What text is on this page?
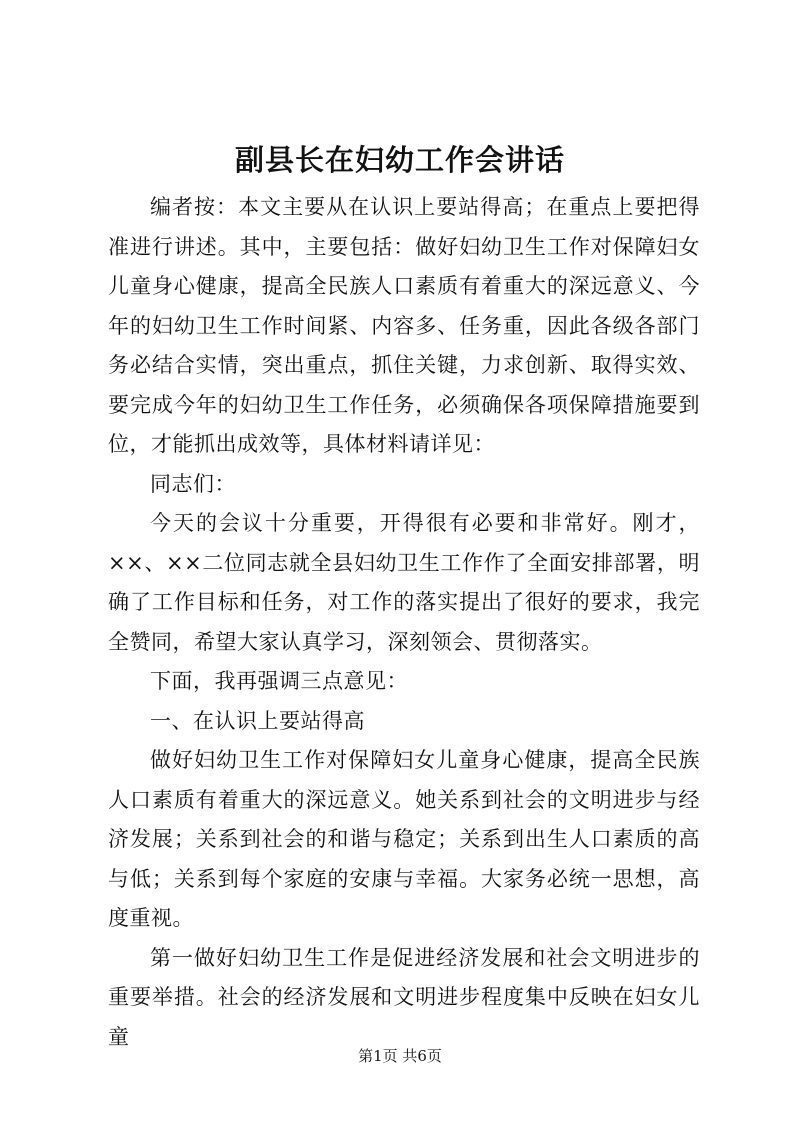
副县长在妇幼工作会讲话

编者按：本文主要从在认识上要站得高；在重点上要把得准进行讲述。其中，主要包括：做好妇幼卫生工作对保障妇女儿童身心健康，提高全民族人口素质有着重大的深远意义、今年的妇幼卫生工作时间紧、内容多、任务重，因此各级各部门务必结合实情，突出重点，抓住关键，力求创新、取得实效、要完成今年的妇幼卫生工作任务，必须确保各项保障措施要到位，才能抓出成效等，具体材料请详见：

同志们：

今天的会议十分重要，开得很有必要和非常好。刚才，××、××二位同志就全县妇幼卫生工作作了全面安排部署，明确了工作目标和任务，对工作的落实提出了很好的要求，我完全赞同，希望大家认真学习，深刻领会、贯彻落实。

下面，我再强调三点意见：

一、在认识上要站得高

做好妇幼卫生工作对保障妇女儿童身心健康，提高全民族人口素质有着重大的深远意义。她关系到社会的文明进步与经济发展；关系到社会的和谐与稳定；关系到出生人口素质的高与低；关系到每个家庭的安康与幸福。大家务必统一思想，高度重视。

第一做好妇幼卫生工作是促进经济发展和社会文明进步的重要举措。社会的经济发展和文明进步程度集中反映在妇女儿童

第1页 共6页
